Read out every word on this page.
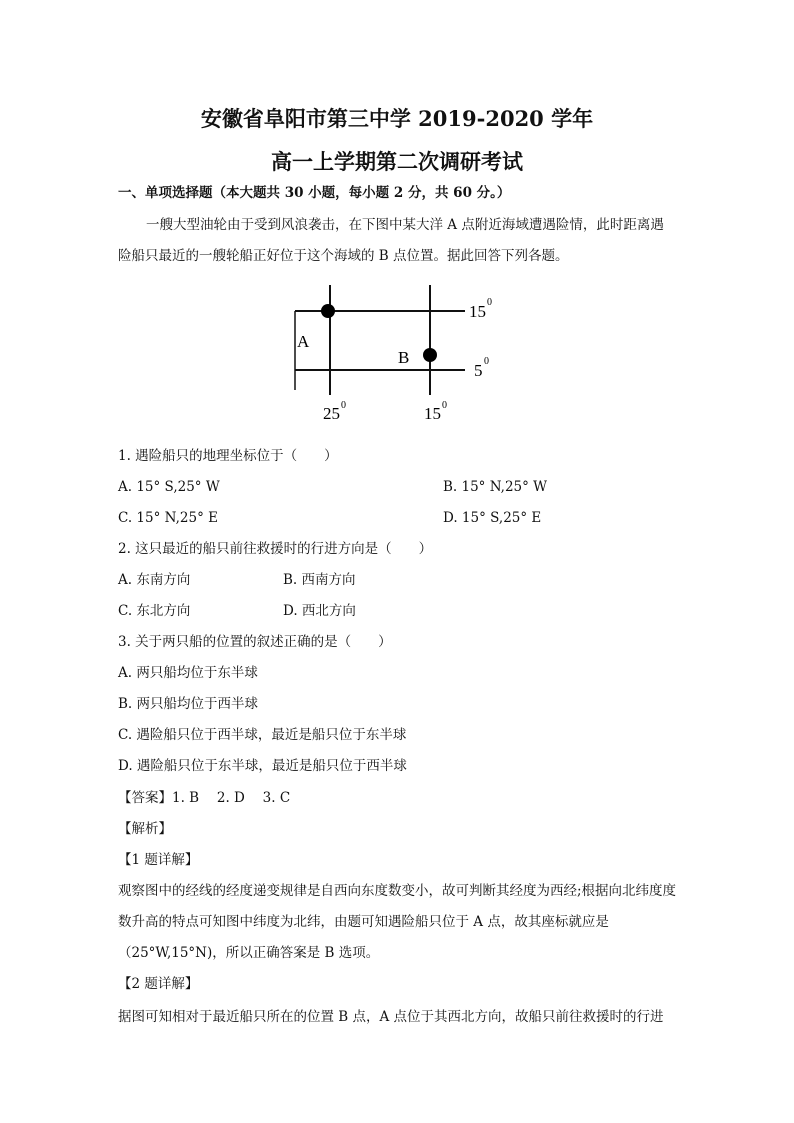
安徽省阜阳市第三中学 2019-2020 学年
高一上学期第二次调研考试
一、单项选择题（本大题共 30 小题，每小题 2 分，共 60 分。）
一艘大型油轮由于受到风浪袭击，在下图中某大洋 A 点附近海域遭遇险情，此时距离遇
险船只最近的一艘轮船正好位于这个海域的 B 点位置。据此回答下列各题。
A
B
15 0
5 0
25 0	15 0
1. 遇险船只的地理坐标位于（　　）
A. 15° S,25° W	B. 15° N,25° W
C. 15° N,25° E	D. 15° S,25° E
2. 这只最近的船只前往救援时的行进方向是（　　）
A. 东南方向	B. 西南方向
C. 东北方向	D. 西北方向
3. 关于两只船的位置的叙述正确的是（　　）
A. 两只船均位于东半球
B. 两只船均位于西半球
C. 遇险船只位于西半球，最近是船只位于东半球
D. 遇险船只位于东半球，最近是船只位于西半球
【答案】1. B　 2. D　 3. C
【解析】
【1 题详解】
观察图中的经线的经度递变规律是自西向东度数变小，故可判断其经度为西经;根据向北纬度度数升高的特点可知图中纬度为北纬，由题可知遇险船只位于 A 点，故其座标就应是（25°W,15°N)，所以正确答案是 B 选项。
【2 题详解】
据图可知相对于最近船只所在的位置 B 点，A 点位于其西北方向，故船只前往救援时的行进
